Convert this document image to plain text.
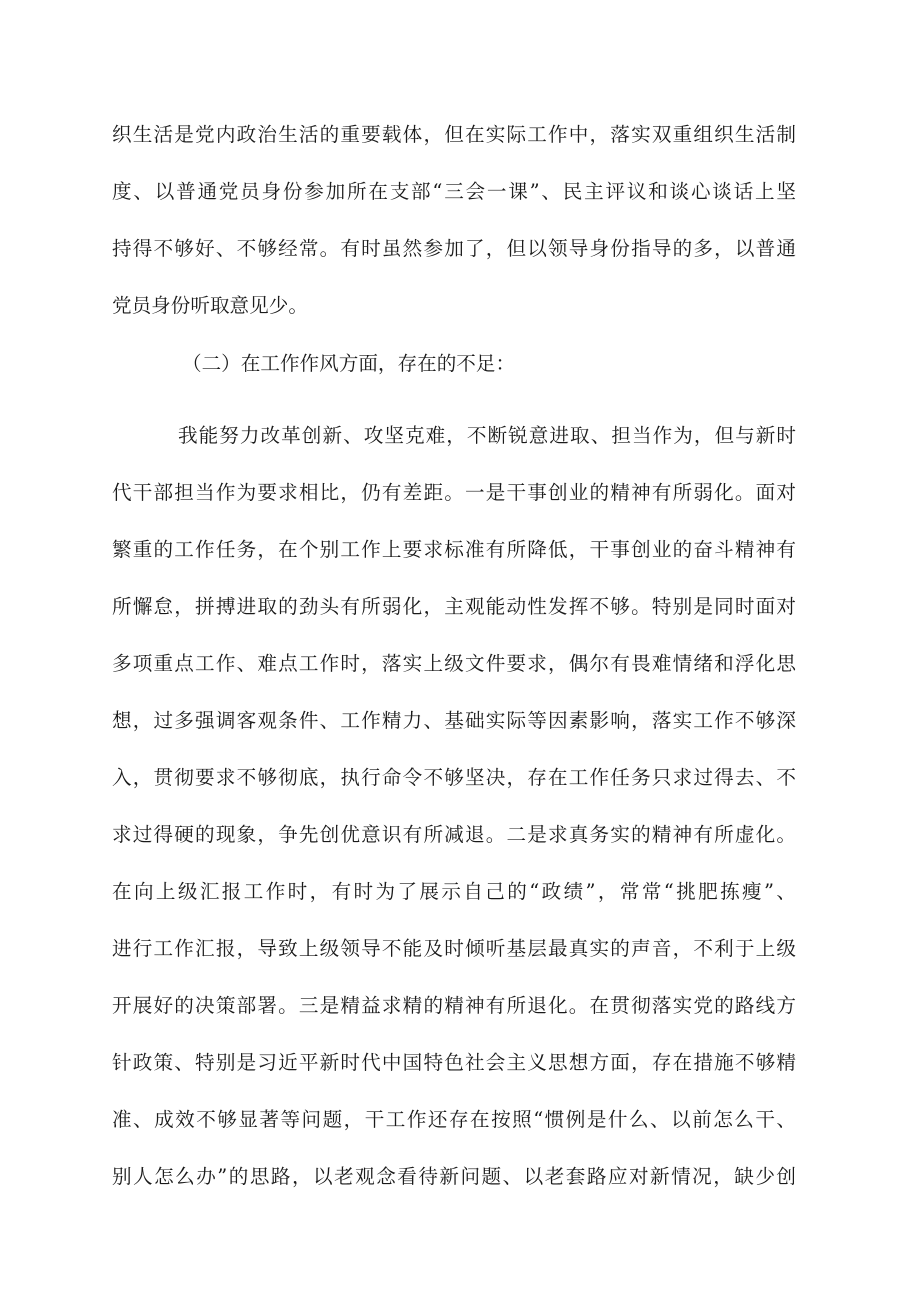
织生活是党内政治生活的重要载体，但在实际工作中，落实双重组织生活制
度、以普通党员身份参加所在支部“三会一课”、民主评议和谈心谈话上坚
持得不够好、不够经常。有时虽然参加了，但以领导身份指导的多，以普通
党员身份听取意见少。
（二）在工作作风方面，存在的不足：
我能努力改革创新、攻坚克难，不断锐意进取、担当作为，但与新时
代干部担当作为要求相比，仍有差距。一是干事创业的精神有所弱化。面对
繁重的工作任务，在个别工作上要求标准有所降低，干事创业的奋斗精神有
所懈怠，拼搏进取的劲头有所弱化，主观能动性发挥不够。特别是同时面对
多项重点工作、难点工作时，落实上级文件要求，偶尔有畏难情绪和浮化思
想，过多强调客观条件、工作精力、基础实际等因素影响，落实工作不够深
入，贯彻要求不够彻底，执行命令不够坚决，存在工作任务只求过得去、不
求过得硬的现象，争先创优意识有所减退。二是求真务实的精神有所虚化。
在向上级汇报工作时，有时为了展示自己的“政绩”，常常“挑肥拣瘦”、
进行工作汇报，导致上级领导不能及时倾听基层最真实的声音，不利于上级
开展好的决策部署。三是精益求精的精神有所退化。在贯彻落实党的路线方
针政策、特别是习近平新时代中国特色社会主义思想方面，存在措施不够精
准、成效不够显著等问题，干工作还存在按照“惯例是什么、以前怎么干、
别人怎么办”的思路，以老观念看待新问题、以老套路应对新情况，缺少创
